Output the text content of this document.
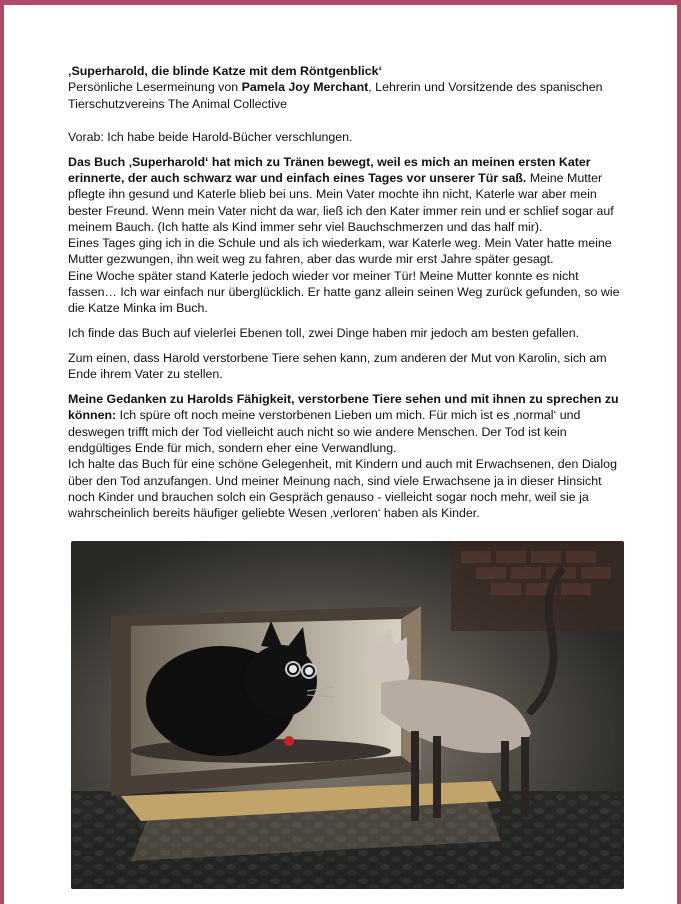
‚Superharold, die blinde Katze mit dem Röntgenblick‘
Persönliche Lesermeinung von Pamela Joy Merchant, Lehrerin und Vorsitzende des spanischen Tierschutzvereins The Animal Collective

Vorab: Ich habe beide Harold-Bücher verschlungen.

Das Buch ‚Superharold‘ hat mich zu Tränen bewegt, weil es mich an meinen ersten Kater erinnerte, der auch schwarz war und einfach eines Tages vor unserer Tür saß. Meine Mutter pflegte ihn gesund und Katerle blieb bei uns. Mein Vater mochte ihn nicht, Katerle war aber mein bester Freund. Wenn mein Vater nicht da war, ließ ich den Kater immer rein und er schlief sogar auf meinem Bauch. (Ich hatte als Kind immer sehr viel Bauchschmerzen und das half mir).
Eines Tages ging ich in die Schule und als ich wiederkam, war Katerle weg. Mein Vater hatte meine Mutter gezwungen, ihn weit weg zu fahren, aber das wurde mir erst Jahre später gesagt.
Eine Woche später stand Katerle jedoch wieder vor meiner Tür! Meine Mutter konnte es nicht fassen… Ich war einfach nur überglücklich. Er hatte ganz allein seinen Weg zurück gefunden, so wie die Katze Minka im Buch.

Ich finde das Buch auf vielerlei Ebenen toll, zwei Dinge haben mir jedoch am besten gefallen.

Zum einen, dass Harold verstorbene Tiere sehen kann, zum anderen der Mut von Karolin, sich am Ende ihrem Vater zu stellen.

Meine Gedanken zu Harolds Fähigkeit, verstorbene Tiere sehen und mit ihnen zu sprechen zu können: Ich spüre oft noch meine verstorbenen Lieben um mich. Für mich ist es ‚normal‘ und deswegen trifft mich der Tod vielleicht auch nicht so wie andere Menschen. Der Tod ist kein endgültiges Ende für mich, sondern eher eine Verwandlung.
Ich halte das Buch für eine schöne Gelegenheit, mit Kindern und auch mit Erwachsenen, den Dialog über den Tod anzufangen. Und meiner Meinung nach, sind viele Erwachsene ja in dieser Hinsicht noch Kinder und brauchen solch ein Gespräch genauso - vielleicht sogar noch mehr, weil sie ja wahrscheinlich bereits häufiger geliebte Wesen ‚verloren‘ haben als Kinder.
